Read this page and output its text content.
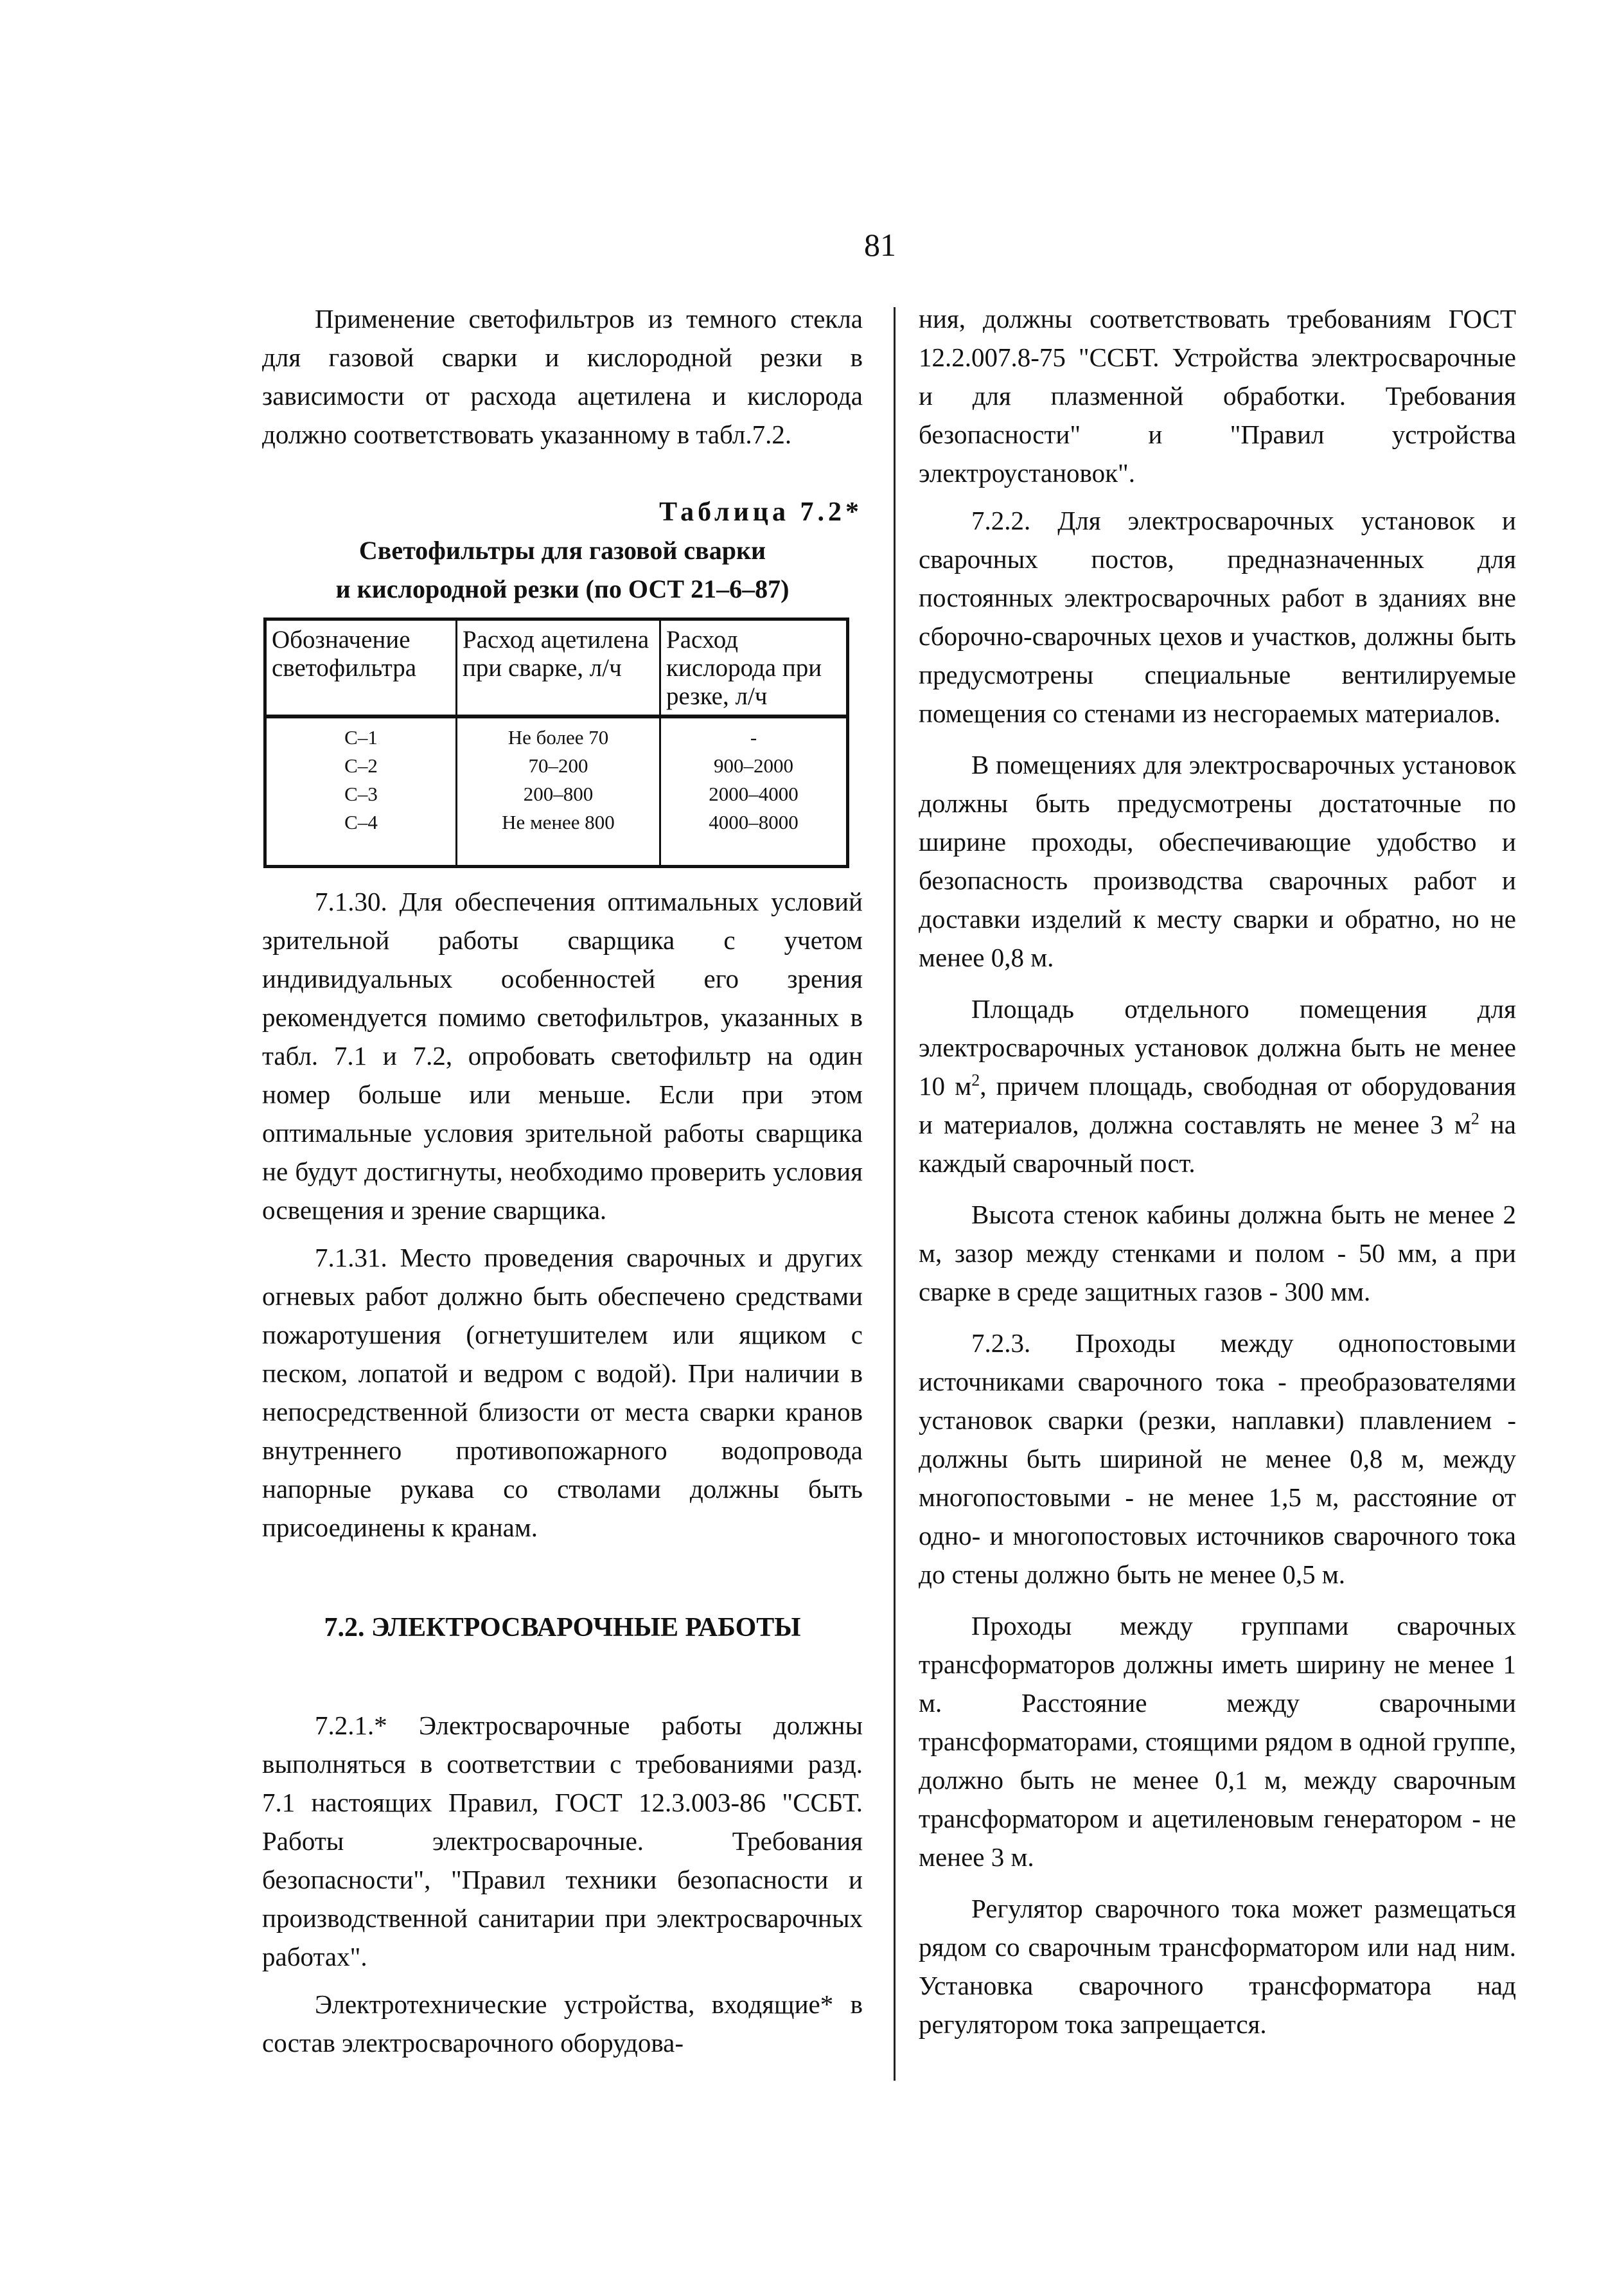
81

Применение светофильтров из темного стекла для газовой сварки и кислородной резки в зависимости от расхода ацетилена и кислорода должно соответствовать указанному в табл.7.2.

Таблица 7.2*
Светофильтры для газовой сварки
и кислородной резки (по ОСТ 21–6–87)
Обозначение светофильтра	Расход ацетилена при сварке, л/ч	Расход кислорода при резке, л/ч
С–1	Не более 70	-
С–2	70–200	900–2000
С–3	200–800	2000–4000
С–4	Не менее 800	4000–8000

7.1.30. Для обеспечения оптимальных условий зрительной работы сварщика с учетом индивидуальных особенностей его зрения рекомендуется помимо светофильтров, указанных в табл. 7.1 и 7.2, опробовать светофильтр на один номер больше или меньше. Если при этом оптимальные условия зрительной работы сварщика не будут достигнуты, необходимо проверить условия освещения и зрение сварщика.

7.1.31. Место проведения сварочных и других огневых работ должно быть обеспечено средствами пожаротушения (огнетушителем или ящиком с песком, лопатой и ведром с водой). При наличии в непосредственной близости от места сварки кранов внутреннего противопожарного водопровода напорные рукава со стволами должны быть присоединены к кранам.

7.2. ЭЛЕКТРОСВАРОЧНЫЕ РАБОТЫ

7.2.1.* Электросварочные работы должны выполняться в соответствии с требованиями разд. 7.1 настоящих Правил, ГОСТ 12.3.003-86 "ССБТ. Работы электросварочные. Требования безопасности", "Правил техники безопасности и производственной санитарии при электросварочных работах".

Электротехнические устройства, входящие* в состав электросварочного оборудова-

ния, должны соответствовать требованиям ГОСТ 12.2.007.8-75 "ССБТ. Устройства электросварочные и для плазменной обработки. Требования безопасности" и "Правил устройства электроустановок".

7.2.2. Для электросварочных установок и сварочных постов, предназначенных для постоянных электросварочных работ в зданиях вне сборочно-сварочных цехов и участков, должны быть предусмотрены специальные вентилируемые помещения со стенами из несгораемых материалов.

В помещениях для электросварочных установок должны быть предусмотрены достаточные по ширине проходы, обеспечивающие удобство и безопасность производства сварочных работ и доставки изделий к месту сварки и обратно, но не менее 0,8 м.

Площадь отдельного помещения для электросварочных установок должна быть не менее 10 $м^2$, причем площадь, свободная от оборудования и материалов, должна составлять не менее 3 $м^2$ на каждый сварочный пост.

Высота стенок кабины должна быть не менее 2 м, зазор между стенками и полом - 50 мм, а при сварке в среде защитных газов - 300 мм.

7.2.3. Проходы между однопостовыми источниками сварочного тока - преобразователями установок сварки (резки, наплавки) плавлением - должны быть шириной не менее 0,8 м, между многопостовыми - не менее 1,5 м, расстояние от одно- и многопостовых источников сварочного тока до стены должно быть не менее 0,5 м.

Проходы между группами сварочных трансформаторов должны иметь ширину не менее 1 м. Расстояние между сварочными трансформаторами, стоящими рядом в одной группе, должно быть не менее 0,1 м, между сварочным трансформатором и ацетиленовым генератором - не менее 3 м.

Регулятор сварочного тока может размещаться рядом со сварочным трансформатором или над ним. Установка сварочного трансформатора над регулятором тока запрещается.
